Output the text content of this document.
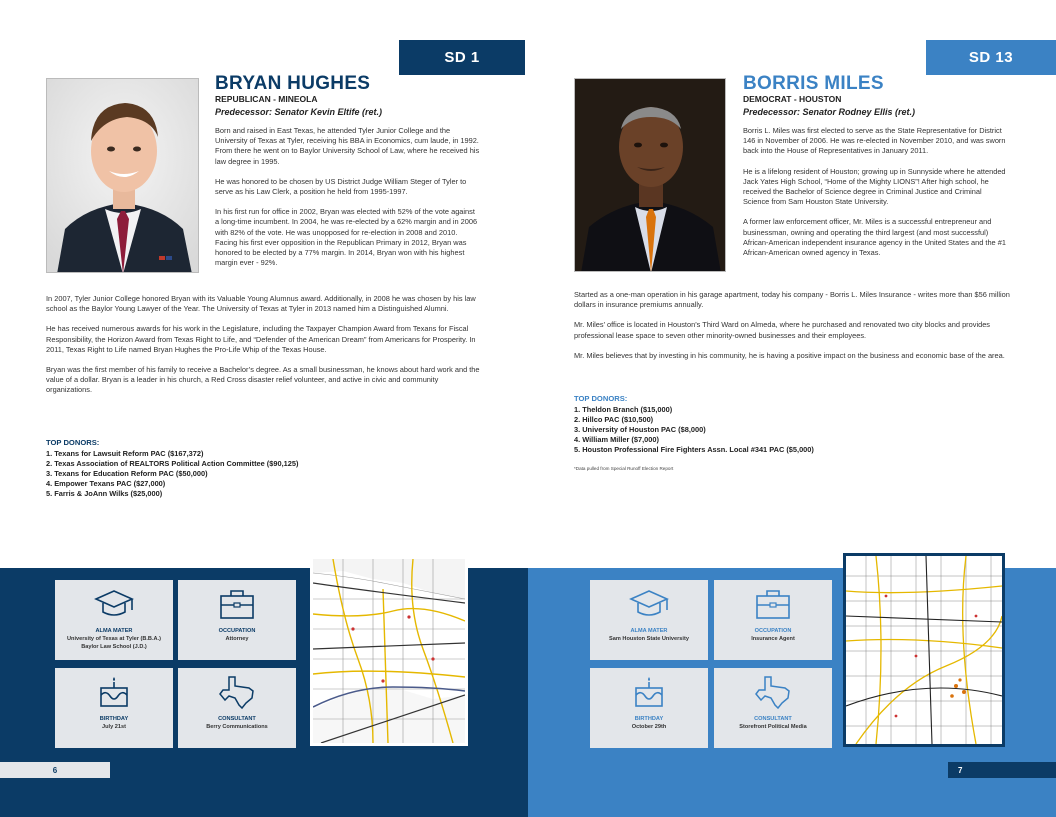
SD 1
BRYAN HUGHES
REPUBLICAN - MINEOLA
Predecessor: Senator Kevin Eltife (ret.)

Born and raised in East Texas, he attended Tyler Junior College and the University of Texas at Tyler, receiving his BBA in Economics, cum laude, in 1992. From there he went on to Baylor University School of Law, where he received his law degree in 1995.

He was honored to be chosen by US District Judge William Steger of Tyler to serve as his Law Clerk, a position he held from 1995-1997.

In his first run for office in 2002, Bryan was elected with 52% of the vote against a long-time incumbent. In 2004, he was re-elected by a 62% margin and in 2006 with 82% of the vote. He was unopposed for re-election in 2008 and 2010. Facing his first ever opposition in the Republican Primary in 2012, Bryan was honored to be elected by a 77% margin. In 2014, Bryan won with his highest margin ever - 92%.

In 2007, Tyler Junior College honored Bryan with its Valuable Young Alumnus award. Additionally, in 2008 he was chosen by his law school as the Baylor Young Lawyer of the Year. The University of Texas at Tyler in 2013 named him a Distinguished Alumni.

He has received numerous awards for his work in the Legislature, including the Taxpayer Champion Award from Texans for Fiscal Responsibility, the Horizon Award from Texas Right to Life, and “Defender of the American Dream” from Americans for Prosperity. In 2011, Texas Right to Life named Bryan Hughes the Pro-Life Whip of the Texas House.

Bryan was the first member of his family to receive a Bachelor’s degree. As a small businessman, he knows about hard work and the value of a dollar. Bryan is a leader in his church, a Red Cross disaster relief volunteer, and active in civic and community organizations.

TOP DONORS:
1. Texans for Lawsuit Reform PAC ($167,372)
2. Texas Association of REALTORS Political Action Committee ($90,125)
3. Texans for Education Reform PAC ($50,000)
4. Empower Texans PAC ($27,000)
5. Farris & JoAnn Wilks ($25,000)
ALMA MATER
University of Texas at Tyler (B.B.A.)
Baylor Law School (J.D.)
OCCUPATION
Attorney
BIRTHDAY
July 21st
CONSULTANT
Berry Communications
6
SD 13
BORRIS MILES
DEMOCRAT - HOUSTON
Predecessor: Senator Rodney Ellis (ret.)

Borris L. Miles was first elected to serve as the State Representative for District 146 in November of 2006. He was re-elected in November 2010, and was sworn back into the House of Representatives in January 2011.

He is a lifelong resident of Houston; growing up in Sunnyside where he attended Jack Yates High School, “Home of the Mighty LIONS”! After high school, he received the Bachelor of Science degree in Criminal Justice and Criminal Science from Sam Houston State University.

A former law enforcement officer, Mr. Miles is a successful entrepreneur and businessman, owning and operating the third largest (and most successful) African-American independent insurance agency in the United States and the #1 African-American owned agency in Texas.

Started as a one-man operation in his garage apartment, today his company - Borris L. Miles Insurance - writes more than $56 million dollars in insurance premiums annually.

Mr. Miles’ office is located in Houston’s Third Ward on Almeda, where he purchased and renovated two city blocks and provides professional lease space to seven other minority-owned businesses and their employees.

Mr. Miles believes that by investing in his community, he is having a positive impact on the business and economic base of the area.

TOP DONORS:
1. Theldon Branch ($15,000)
2. Hillco PAC ($10,500)
3. University of Houston PAC ($8,000)
4. William Miller ($7,000)
5. Houston Professional Fire Fighters Assn. Local #341 PAC ($5,000)
*Data pulled from Special Runoff Election Report
ALMA MATER
Sam Houston State University
OCCUPATION
Insurance Agent
BIRTHDAY
October 29th
CONSULTANT
Storefront Political Media
7
